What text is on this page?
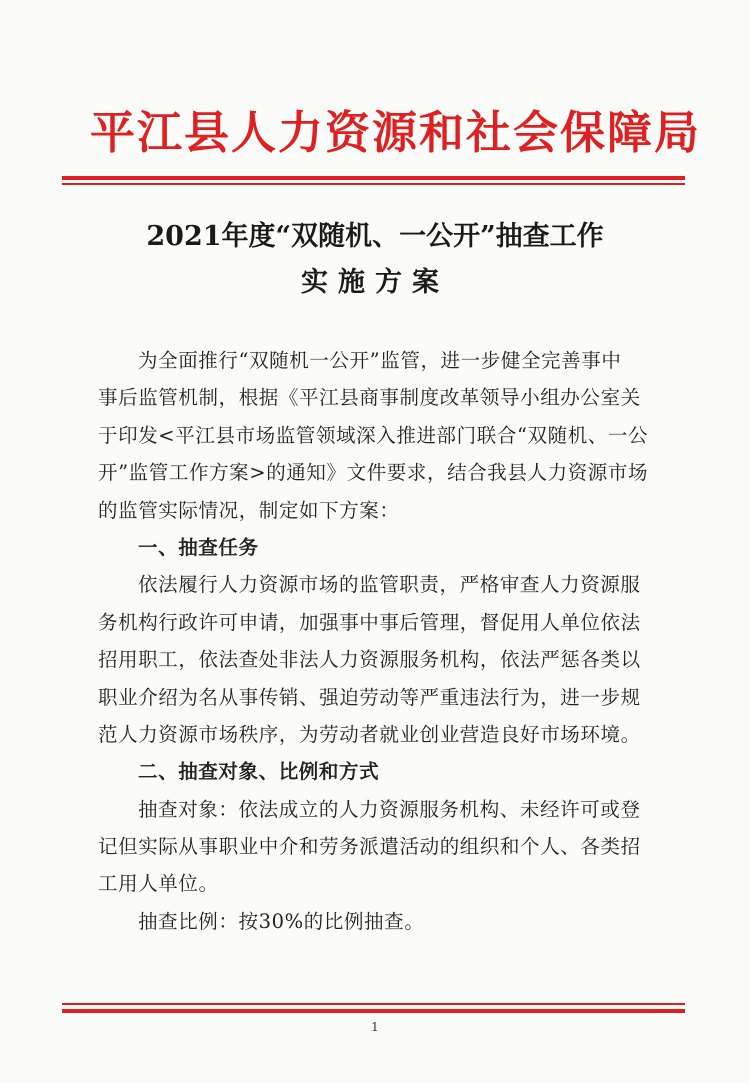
平江县人力资源和社会保障局
2021年度“双随机、一公开”抽查工作
实施方案
为全面推行“双随机一公开”监管，进一步健全完善事中
事后监管机制，根据《平江县商事制度改革领导小组办公室关
于印发<平江县市场监管领域深入推进部门联合“双随机、一公
开”监管工作方案>的通知》文件要求，结合我县人力资源市场
的监管实际情况，制定如下方案：
一、抽查任务
依法履行人力资源市场的监管职责，严格审查人力资源服
务机构行政许可申请，加强事中事后管理，督促用人单位依法
招用职工，依法查处非法人力资源服务机构，依法严惩各类以
职业介绍为名从事传销、强迫劳动等严重违法行为，进一步规
范人力资源市场秩序，为劳动者就业创业营造良好市场环境。
二、抽查对象、比例和方式
抽查对象：依法成立的人力资源服务机构、未经许可或登
记但实际从事职业中介和劳务派遣活动的组织和个人、各类招
工用人单位。
抽查比例：按30%的比例抽查。
1
